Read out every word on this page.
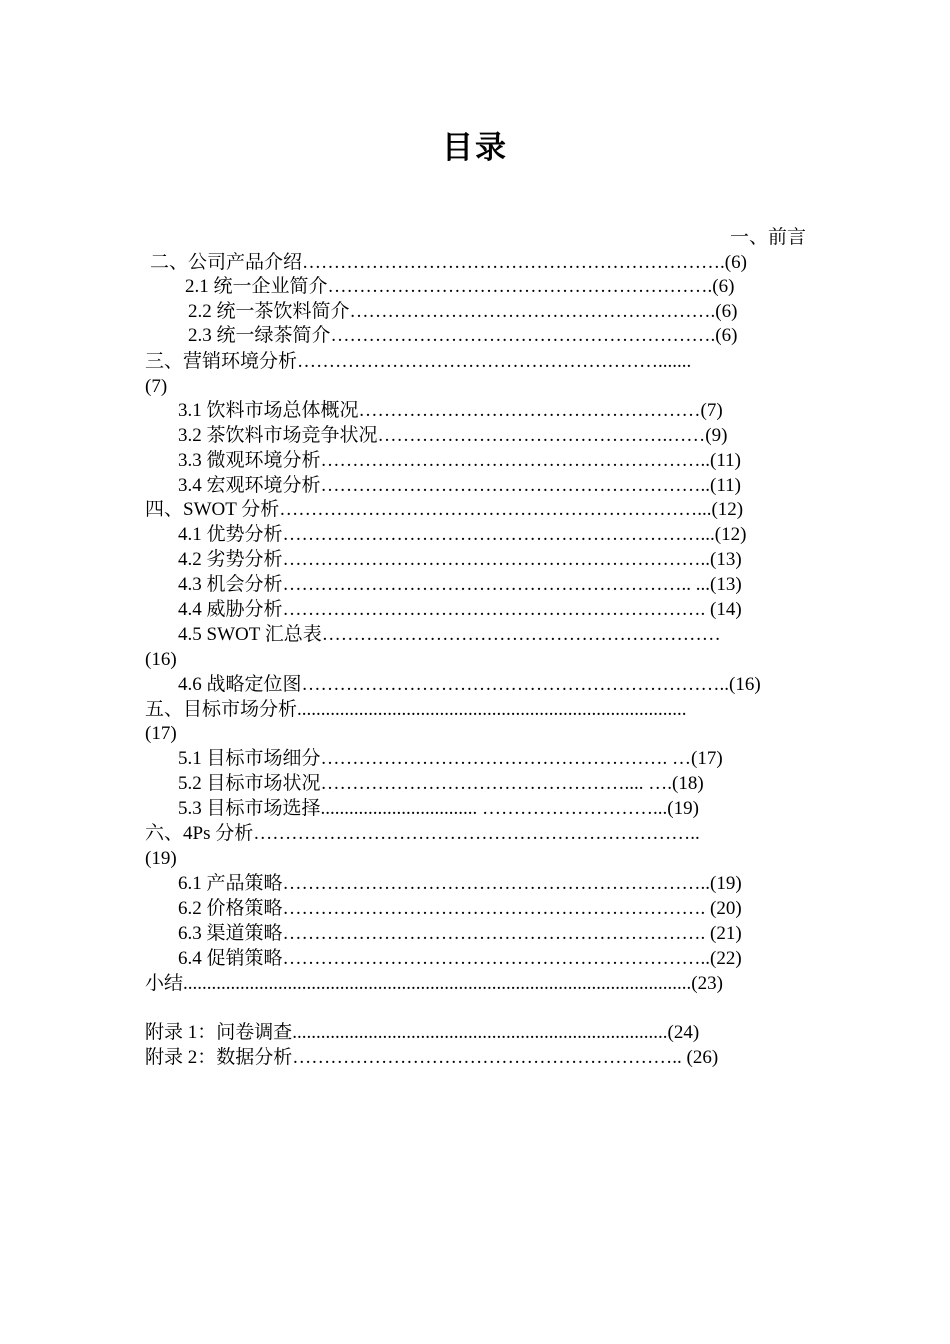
目录
一、前言
二、公司产品介绍………………………………………………………….(6)
2.1 统一企业简介…………………………………………………….(6)
2.2 统一茶饮料简介………………………………………………….(6)
2.3 统一绿茶简介…………………………………………………….(6)
三、营销环境分析………………………………………………….......
(7)
3.1 饮料市场总体概况………………………………………………(7)
3.2 茶饮料市场竞争状况……………………………………….……(9)
3.3 微观环境分析……………………………………………………..(11)
3.4 宏观环境分析……………………………………………………..(11)
四、SWOT 分析…………………………………………………………...(12)
4.1 优势分析…………………………………………………………...(12)
4.2 劣势分析…………………………………………………………..(13)
4.3 机会分析……………………………………………………….. ...(13)
4.4 威胁分析…………………………………………………………. (14)
4.5 SWOT 汇总表………………………………………………………
(16)
4.6 战略定位图…………………………………………………………..(16)
五、目标市场分析..................................................................................
(17)
5.1 目标市场细分………………………………………………. …(17)
5.2 目标市场状况………………………………………….... ….(18)
5.3 目标市场选择................................. ………………………...(19)
六、4Ps 分析……………………………………………………………..
(19)
6.1 产品策略…………………………………………………………..(19)
6.2 价格策略…………………………………………………………. (20)
6.3 渠道策略…………………………………………………………. (21)
6.4 促销策略…………………………………………………………..(22)
小结...........................................................................................................(23)
附录 1：问卷调查...............................................................................(24)
附录 2：数据分析…………………………………………………….. (26)
